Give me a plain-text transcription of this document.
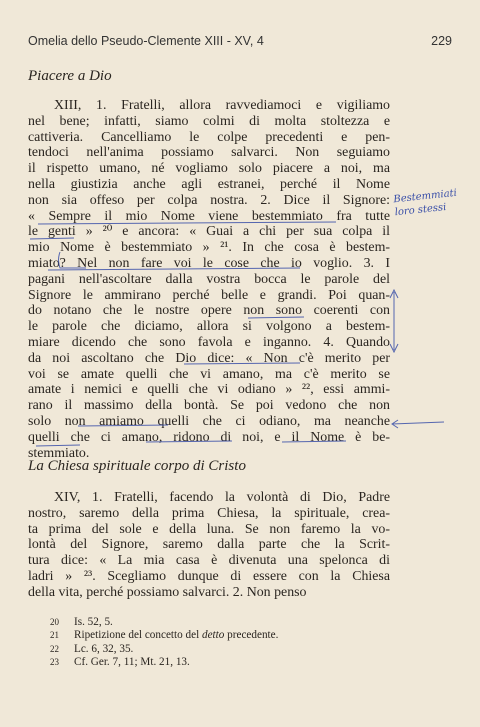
Omelia dello Pseudo-Clemente XIII - XV, 4	229
Piacere a Dio
XIII, 1. Fratelli, allora ravvediamoci e vigiliamo
nel bene; infatti, siamo colmi di molta stoltezza e
cattiveria. Cancelliamo le colpe precedenti e pen-
tendoci nell'anima possiamo salvarci. Non seguiamo
il rispetto umano, né vogliamo solo piacere a noi, ma
nella giustizia anche agli estranei, perché il Nome
non sia offeso per colpa nostra. 2. Dice il Signore:
« Sempre il mio Nome viene bestemmiato fra tutte
le genti » ²⁰ e ancora: « Guai a chi per sua colpa il
mio Nome è bestemmiato » ²¹. In che cosa è bestem-
miato? Nel non fare voi le cose che io voglio. 3. I
pagani nell'ascoltare dalla vostra bocca le parole del
Signore le ammirano perché belle e grandi. Poi quan-
do notano che le nostre opere non sono coerenti con
le parole che diciamo, allora si volgono a bestem-
miare dicendo che sono favola e inganno. 4. Quando
da noi ascoltano che Dio dice: « Non c'è merito per
voi se amate quelli che vi amano, ma c'è merito se
amate i nemici e quelli che vi odiano » ²², essi ammi-
rano il massimo della bontà. Se poi vedono che non
solo non amiamo quelli che ci odiano, ma neanche
quelli che ci amano, ridono di noi, e il Nome è be-
stemmiato.
La Chiesa spirituale corpo di Cristo
XIV, 1. Fratelli, facendo la volontà di Dio, Padre
nostro, saremo della prima Chiesa, la spirituale, crea-
ta prima del sole e della luna. Se non faremo la vo-
lontà del Signore, saremo dalla parte che la Scrit-
tura dice: « La mia casa è divenuta una spelonca di
ladri » ²³. Scegliamo dunque di essere con la Chiesa
della vita, perché possiamo salvarci. 2. Non penso
20 Is. 52, 5.
21 Ripetizione del concetto del detto precedente.
22 Lc. 6, 32, 35.
23 Cf. Ger. 7, 11; Mt. 21, 13.
Bestemmiati
loro stessi
